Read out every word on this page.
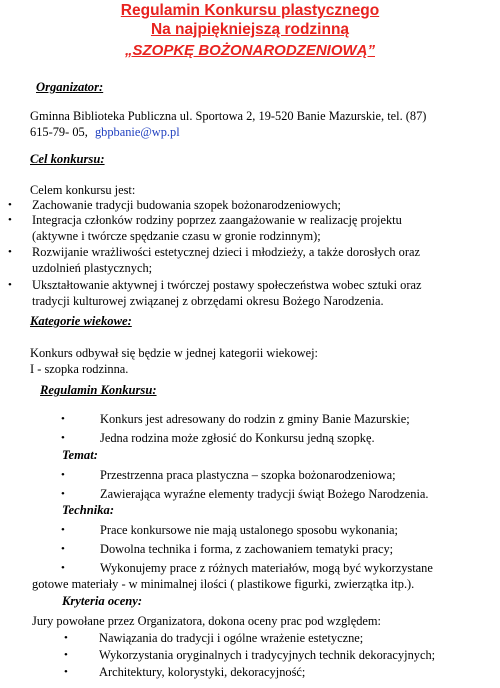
Regulamin Konkursu plastycznego
Na najpiękniejszą rodzinną
„SZOPKĘ BOŻONARODZENIOWĄ”
Organizator:
Gminna Biblioteka Publiczna ul. Sportowa 2, 19-520 Banie Mazurskie, tel. (87)
615-79- 05, gbpbanie@wp.pl
Cel konkursu:
Celem konkursu jest:
• Zachowanie tradycji budowania szopek bożonarodzeniowych;
• Integracja członków rodziny poprzez zaangażowanie w realizację projektu
(aktywne i twórcze spędzanie czasu w gronie rodzinnym);
• Rozwijanie wrażliwości estetycznej dzieci i młodzieży, a także dorosłych oraz
uzdolnień plastycznych;
• Ukształtowanie aktywnej i twórczej postawy społeczeństwa wobec sztuki oraz
tradycji kulturowej związanej z obrzędami okresu Bożego Narodzenia.
Kategorie wiekowe:
Konkurs odbywał się będzie w jednej kategorii wiekowej:
I - szopka rodzinna.
Regulamin Konkursu:
•	Konkurs jest adresowany do rodzin z gminy Banie Mazurskie;
•	Jedna rodzina może zgłosić do Konkursu jedną szopkę.
Temat:
•	Przestrzenna praca plastyczna – szopka bożonarodzeniowa;
•	Zawierająca wyraźne elementy tradycji świąt Bożego Narodzenia.
Technika:
•	Prace konkursowe nie mają ustalonego sposobu wykonania;
•	Dowolna technika i forma, z zachowaniem tematyki pracy;
•	Wykonujemy prace z różnych materiałów, mogą być wykorzystane
gotowe materiały - w minimalnej ilości ( plastikowe figurki, zwierzątka itp.).
Kryteria oceny:
Jury powołane przez Organizatora, dokona oceny prac pod względem:
•	Nawiązania do tradycji i ogólne wrażenie estetyczne;
•	Wykorzystania oryginalnych i tradycyjnych technik dekoracyjnych;
•	Architektury, kolorystyki, dekoracyjność;
